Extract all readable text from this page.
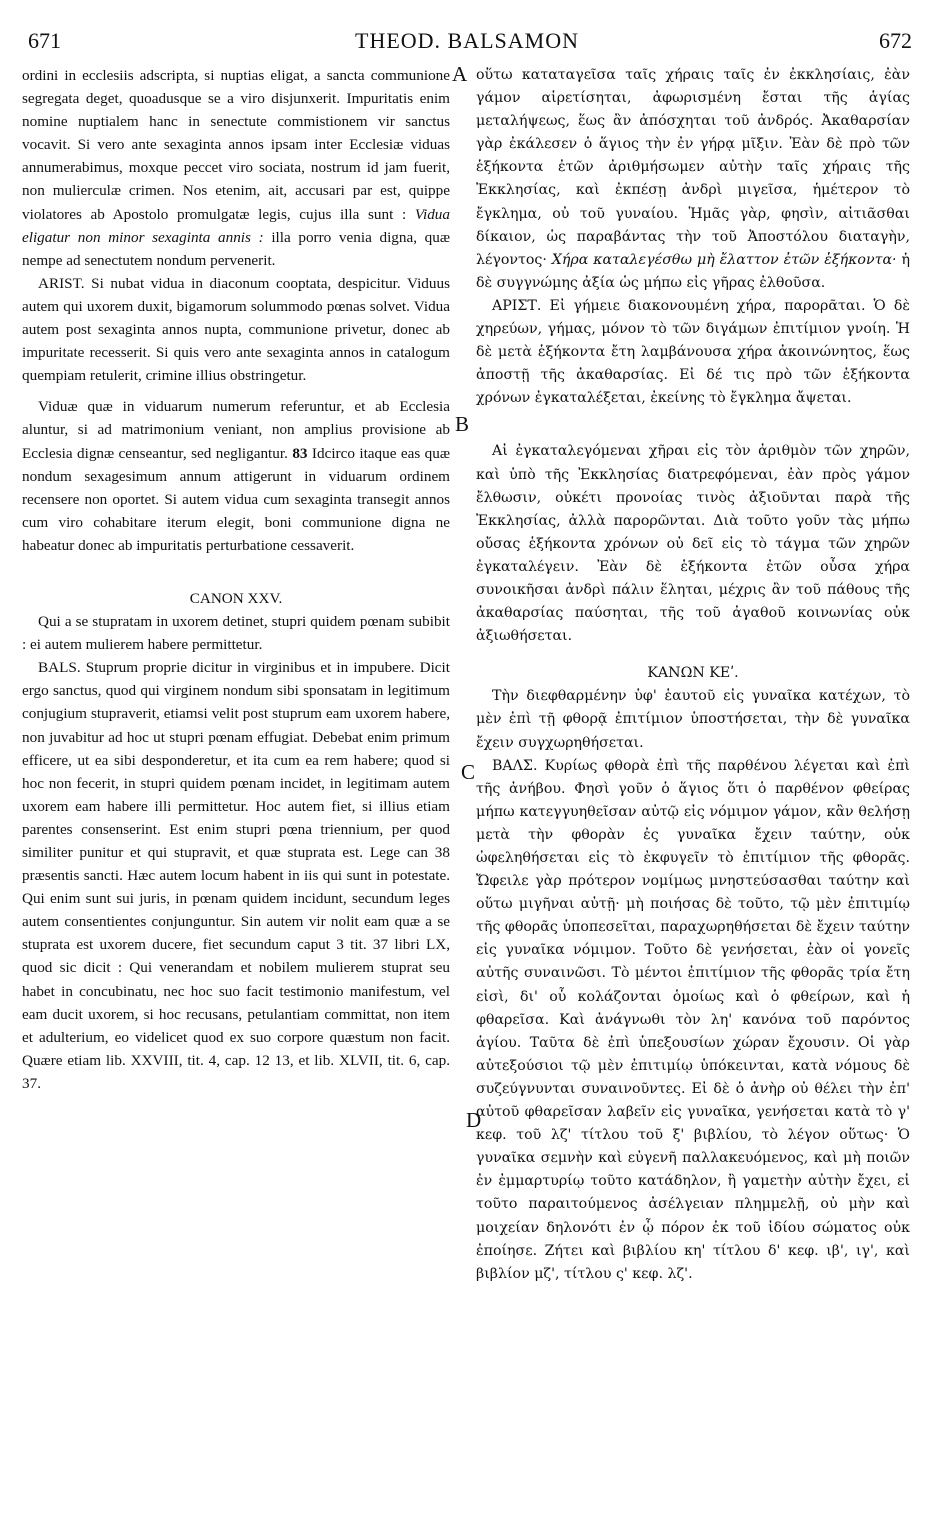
671	THEOD. BALSAMON	672
A
B
C
D

ordini in ecclesiis adscripta, si nuptias eligat, a sancta communione segregata deget, quoadusque se a viro disjunxerit. Impuritatis enim nomine nuptialem hanc in senectute commistionem vir sanctus vocavit. Si vero ante sexaginta annos ipsam inter Ecclesiæ viduas annumerabimus, moxque peccet viro sociata, nostrum id jam fuerit, non mulierculæ crimen. Nos etenim, ait, accusari par est, quippe violatores ab Apostolo promulgatæ legis, cujus illa sunt : Vidua eligatur non minor sexaginta annis : illa porro venia digna, quæ nempe ad senectutem nondum pervenerit.

ARIST. Si nubat vidua in diaconum cooptata, despicitur. Viduus autem qui uxorem duxit, bigamorum solummodo pœnas solvet. Vidua autem post sexaginta annos nupta, communione privetur, donec ab impuritate recesserit. Si quis vero ante sexaginta annos in catalogum quempiam retulerit, crimine illius obstringetur.

Viduæ quæ in viduarum numerum referuntur, et ab Ecclesia aluntur, si ad matrimonium veniant, non amplius provisione ab Ecclesia dignæ censeantur, sed negligantur. 83 Idcirco itaque eas quæ nondum sexagesimum annum attigerunt in viduarum ordinem recensere non oportet. Si autem vidua cum sexaginta transegit annos cum viro cohabitare iterum elegit, boni communione digna ne habeatur donec ab impuritatis perturbatione cessaverit.

CANON XXV.

Qui a se stupratam in uxorem detinet, stupri quidem pœnam subibit : ei autem mulierem habere permittetur.

BALS. Stuprum proprie dicitur in virginibus et in impubere. Dicit ergo sanctus, quod qui virginem nondum sibi sponsatam in legitimum conjugium stupraverit, etiamsi velit post stuprum eam uxorem habere, non juvabitur ad hoc ut stupri pœnam effugiat. Debebat enim primum efficere, ut ea sibi desponderetur, et ita cum ea rem habere; quod si hoc non fecerit, in stupri quidem pœnam incidet, in legitimam autem uxorem eam habere illi permittetur. Hoc autem fiet, si illius etiam parentes consenserint. Est enim stupri pœna triennium, per quod similiter punitur et qui stupravit, et quæ stuprata est. Lege can 38 præsentis sancti. Hæc autem locum habent in iis qui sunt in potestate. Qui enim sunt sui juris, in pœnam quidem incidunt, secundum leges autem consentientes conjunguntur. Sin autem vir nolit eam quæ a se stuprata est uxorem ducere, fiet secundum caput 3 tit. 37 libri LX, quod sic dicit : Qui venerandam et nobilem mulierem stuprat seu habet in concubinatu, nec hoc suo facit testimonio manifestum, vel eam ducit uxorem, si hoc recusans, petulantiam committat, non item et adulterium, eo videlicet quod ex suo corpore quæstum non facit. Quære etiam lib. XXVIII, tit. 4, cap. 12 13, et lib. XLVII, tit. 6, cap. 37.

οὕτω καταταγεῖσα ταῖς χήραις ταῖς ἐν ἐκκλησίαις, ἐὰν γάμον αἱρετίσηται, ἀφωρισμένη ἔσται τῆς ἁγίας μεταλήψεως, ἕως ἂν ἀπόσχηται τοῦ ἀνδρός. Ἀκαθαρσίαν γὰρ ἐκάλεσεν ὁ ἅγιος τὴν ἐν γήρᾳ μῖξιν. Ἐὰν δὲ πρὸ τῶν ἑξήκοντα ἐτῶν ἀριθμήσωμεν αὐτὴν ταῖς χήραις τῆς Ἐκκλησίας, καὶ ἐκπέσῃ ἀνδρὶ μιγεῖσα, ἡμέτερον τὸ ἔγκλημα, οὐ τοῦ γυναίου. Ἡμᾶς γὰρ, φησὶν, αἰτιᾶσθαι δίκαιον, ὡς παραβάντας τὴν τοῦ Ἀποστόλου διαταγὴν, λέγοντος· Χήρα καταλεγέσθω μὴ ἔλαττον ἐτῶν ἑξήκοντα· ἡ δὲ συγγνώμης ἀξία ὡς μήπω εἰς γῆρας ἐλθοῦσα.

ΑΡΙΣΤ. Εἰ γήμειε διακονουμένη χήρα, παρορᾶται. Ὁ δὲ χηρεύων, γήμας, μόνον τὸ τῶν διγάμων ἐπιτίμιον γνοίη. Ἡ δὲ μετὰ ἑξήκοντα ἔτη λαμβάνουσα χήρα ἀκοινώνητος, ἕως ἀποστῇ τῆς ἀκαθαρσίας. Εἰ δέ τις πρὸ τῶν ἑξήκοντα χρόνων ἐγκαταλέξεται, ἐκείνης τὸ ἔγκλημα ἄψεται.

Αἱ ἐγκαταλεγόμεναι χῆραι εἰς τὸν ἀριθμὸν τῶν χηρῶν, καὶ ὑπὸ τῆς Ἐκκλησίας διατρεφόμεναι, ἐὰν πρὸς γάμον ἔλθωσιν, οὐκέτι προνοίας τινὸς ἀξιοῦνται παρὰ τῆς Ἐκκλησίας, ἀλλὰ παρορῶνται. Διὰ τοῦτο γοῦν τὰς μήπω οὔσας ἑξήκοντα χρόνων οὐ δεῖ εἰς τὸ τάγμα τῶν χηρῶν ἐγκαταλέγειν. Ἐὰν δὲ ἑξήκοντα ἐτῶν οὖσα χήρα συνοικῆσαι ἀνδρὶ πάλιν ἕληται, μέχρις ἂν τοῦ πάθους τῆς ἀκαθαρσίας παύσηται, τῆς τοῦ ἀγαθοῦ κοινωνίας οὐκ ἀξιωθήσεται.

ΚΑΝΩΝ ΚΕʹ.

Τὴν διεφθαρμένην ὑφ' ἑαυτοῦ εἰς γυναῖκα κατέχων, τὸ μὲν ἐπὶ τῇ φθορᾷ ἐπιτίμιον ὑποστήσεται, τὴν δὲ γυναῖκα ἔχειν συγχωρηθήσεται.

ΒΑΛΣ. Κυρίως φθορὰ ἐπὶ τῆς παρθένου λέγεται καὶ ἐπὶ τῆς ἀνήβου. Φησὶ γοῦν ὁ ἅγιος ὅτι ὁ παρθένον φθείρας μήπω κατεγγυηθεῖσαν αὐτῷ εἰς νόμιμον γάμον, κἂν θελήσῃ μετὰ τὴν φθορὰν ἐς γυναῖκα ἔχειν ταύτην, οὐκ ὠφεληθήσεται εἰς τὸ ἐκφυγεῖν τὸ ἐπιτίμιον τῆς φθορᾶς. Ὤφειλε γὰρ πρότερον νομίμως μνηστεύσασθαι ταύτην καὶ οὕτω μιγῆναι αὐτῇ· μὴ ποιήσας δὲ τοῦτο, τῷ μὲν ἐπιτιμίῳ τῆς φθορᾶς ὑποπεσεῖται, παραχωρηθήσεται δὲ ἔχειν ταύτην εἰς γυναῖκα νόμιμον. Τοῦτο δὲ γενήσεται, ἐὰν οἱ γονεῖς αὐτῆς συναινῶσι. Τὸ μέντοι ἐπιτίμιον τῆς φθορᾶς τρία ἔτη εἰσὶ, δι' οὗ κολάζονται ὁμοίως καὶ ὁ φθείρων, καὶ ἡ φθαρεῖσα. Καὶ ἀνάγνωθι τὸν λη' κανόνα τοῦ παρόντος ἁγίου. Ταῦτα δὲ ἐπὶ ὑπεξουσίων χώραν ἔχουσιν. Οἱ γὰρ αὐτεξούσιοι τῷ μὲν ἐπιτιμίῳ ὑπόκεινται, κατὰ νόμους δὲ συζεύγνυνται συναινοῦντες. Εἰ δὲ ὁ ἀνὴρ οὐ θέλει τὴν ἐπ' αὐτοῦ φθαρεῖσαν λαβεῖν εἰς γυναῖκα, γενήσεται κατὰ τὸ γ' κεφ. τοῦ λζ' τίτλου τοῦ ξ' βιβλίου, τὸ λέγον οὕτως· Ὁ γυναῖκα σεμνὴν καὶ εὐγενῆ παλλακευόμενος, καὶ μὴ ποιῶν ἐν ἐμμαρτυρίῳ τοῦτο κατάδηλον, ἢ γαμετὴν αὐτὴν ἔχει, εἰ τοῦτο παραιτούμενος ἀσέλγειαν πλημμελῇ, οὐ μὴν καὶ μοιχείαν δηλονότι ἐν ᾧ πόρον ἐκ τοῦ ἰδίου σώματος οὐκ ἐποίησε. Ζήτει καὶ βιβλίου κη' τίτλου δ' κεφ. ιβ', ιγ', καὶ βιβλίον μζ', τίτλου ς' κεφ. λζ'.
